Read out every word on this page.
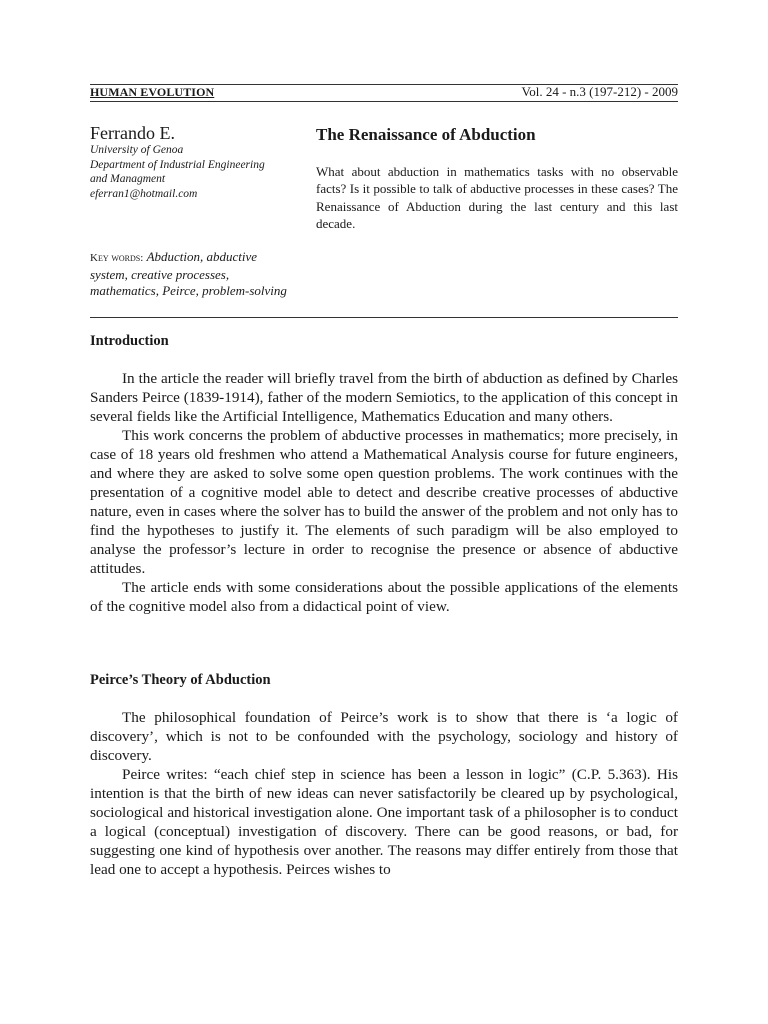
HUMAN EVOLUTION	Vol. 24 - n.3 (197-212) - 2009
Ferrando E.
University of Genoa
Department of Industrial Engineering
and Managment
eferran1@hotmail.com
Key words: Abduction, abductive system, creative processes, mathematics, Peirce, problem-solving
The Renaissance of Abduction
What about abduction in mathematics tasks with no observable facts? Is it possible to talk of abductive processes in these cases? The Renaissance of Abduction during the last century and this last decade.
Introduction

In the article the reader will briefly travel from the birth of abduction as defined by Charles Sanders Peirce (1839-1914), father of the modern Semiotics, to the application of this concept in several fields like the Artificial Intelligence, Mathematics Education and many others.

This work concerns the problem of abductive processes in mathematics; more precisely, in case of 18 years old freshmen who attend a Mathematical Analysis course for future engineers, and where they are asked to solve some open question problems. The work continues with the presentation of a cognitive model able to detect and describe creative processes of abductive nature, even in cases where the solver has to build the answer of the problem and not only has to find the hypotheses to justify it. The elements of such paradigm will be also employed to analyse the professor’s lecture in order to recognise the presence or absence of abductive attitudes.

The article ends with some considerations about the possible applications of the elements of the cognitive model also from a didactical point of view.

Peirce’s Theory of Abduction

The philosophical foundation of Peirce’s work is to show that there is ‘a logic of discovery’, which is not to be confounded with the psychology, sociology and history of discovery.

Peirce writes: “each chief step in science has been a lesson in logic” (C.P. 5.363). His intention is that the birth of new ideas can never satisfactorily be cleared up by psychological, sociological and historical investigation alone. One important task of a philosopher is to conduct a logical (conceptual) investigation of discovery. There can be good reasons, or bad, for suggesting one kind of hypothesis over another. The reasons may differ entirely from those that lead one to accept a hypothesis. Peirces wishes to
